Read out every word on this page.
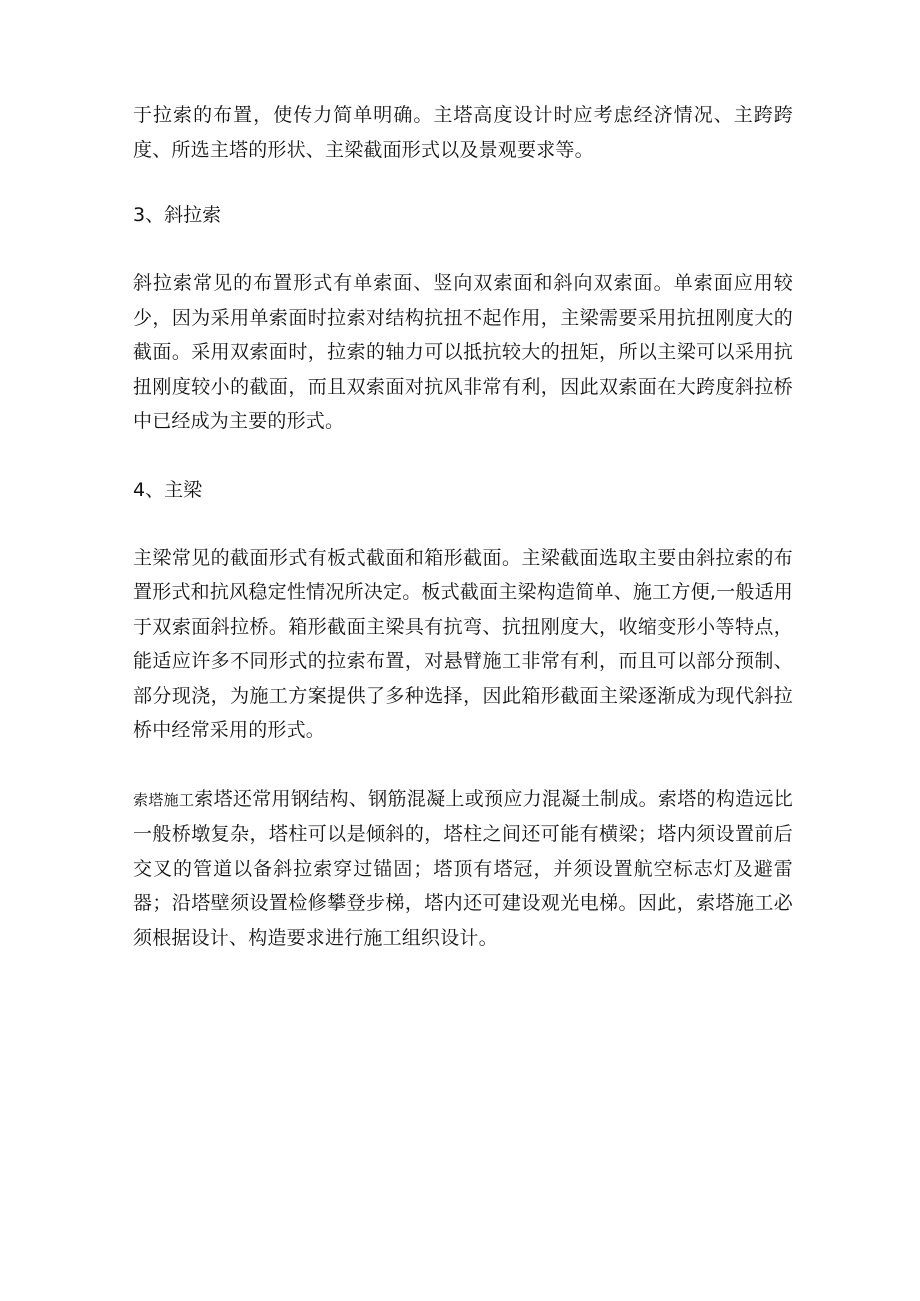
于拉索的布置，使传力简单明确。主塔高度设计时应考虑经济情况、主跨跨度、所选主塔的形状、主梁截面形式以及景观要求等。

3、斜拉索

斜拉索常见的布置形式有单索面、竖向双索面和斜向双索面。单索面应用较少，因为采用单索面时拉索对结构抗扭不起作用，主梁需要采用抗扭刚度大的截面。采用双索面时，拉索的轴力可以抵抗较大的扭矩，所以主梁可以采用抗扭刚度较小的截面，而且双索面对抗风非常有利，因此双索面在大跨度斜拉桥中已经成为主要的形式。

4、主梁

主梁常见的截面形式有板式截面和箱形截面。主梁截面选取主要由斜拉索的布置形式和抗风稳定性情况所决定。板式截面主梁构造简单、施工方便,一般适用于双索面斜拉桥。箱形截面主梁具有抗弯、抗扭刚度大，收缩变形小等特点，能适应许多不同形式的拉索布置，对悬臂施工非常有利，而且可以部分预制、部分现浇，为施工方案提供了多种选择，因此箱形截面主梁逐渐成为现代斜拉桥中经常采用的形式。

索塔施工索塔还常用钢结构、钢筋混凝上或预应力混凝土制成。索塔的构造远比一般桥墩复杂，塔柱可以是倾斜的，塔柱之间还可能有横梁；塔内须设置前后交叉的管道以备斜拉索穿过锚固；塔顶有塔冠，并须设置航空标志灯及避雷器；沿塔壁须设置检修攀登步梯，塔内还可建设观光电梯。因此，索塔施工必须根据设计、构造要求进行施工组织设计。
